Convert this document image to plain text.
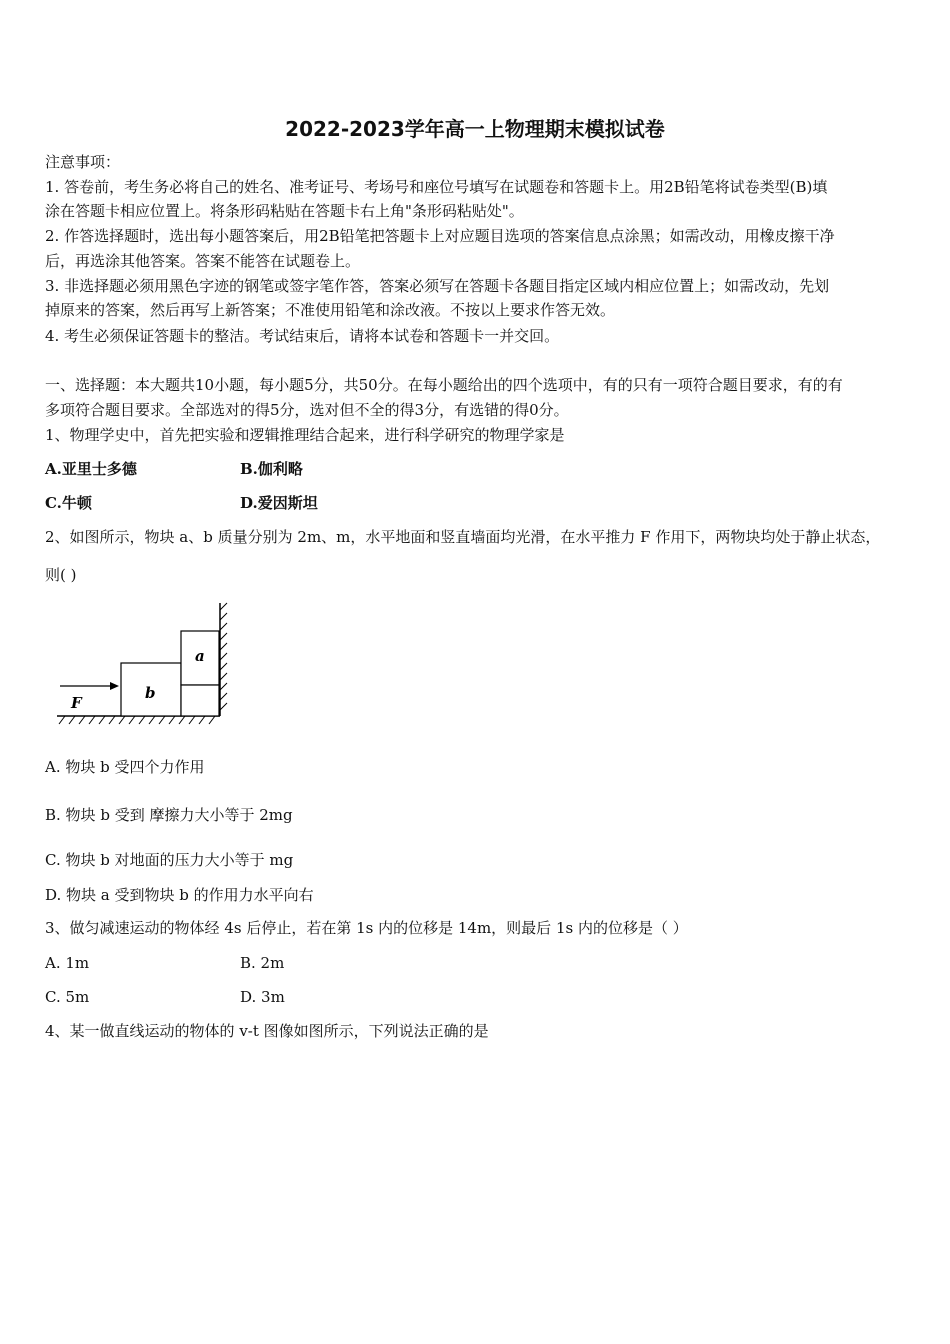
2022-2023学年高一上物理期末模拟试卷
注意事项：
1. 答卷前，考生务必将自己的姓名、准考证号、考场号和座位号填写在试题卷和答题卡上。用2B铅笔将试卷类型(B)填
涂在答题卡相应位置上。将条形码粘贴在答题卡右上角"条形码粘贴处"。
2. 作答选择题时，选出每小题答案后，用2B铅笔把答题卡上对应题目选项的答案信息点涂黑；如需改动，用橡皮擦干净
后，再选涂其他答案。答案不能答在试题卷上。
3. 非选择题必须用黑色字迹的钢笔或签字笔作答，答案必须写在答题卡各题目指定区域内相应位置上；如需改动，先划
掉原来的答案，然后再写上新答案；不准使用铅笔和涂改液。不按以上要求作答无效。
4. 考生必须保证答题卡的整洁。考试结束后，请将本试卷和答题卡一并交回。
一、选择题：本大题共10小题，每小题5分，共50分。在每小题给出的四个选项中，有的只有一项符合题目要求，有的有
多项符合题目要求。全部选对的得5分，选对但不全的得3分，有选错的得0分。
1、物理学史中，首先把实验和逻辑推理结合起来，进行科学研究的物理学家是
A.亚里士多德	B.伽利略
C.牛顿	D.爱因斯坦
2、如图所示，物块 a、b 质量分别为 2m、m，水平地面和竖直墙面均光滑，在水平推力 F 作用下，两物块均处于静止状态，
则( )
F
b
a
A. 物块 b 受四个力作用
B. 物块 b 受到 摩擦力大小等于 2mg
C. 物块 b 对地面的压力大小等于 mg
D. 物块 a 受到物块 b 的作用力水平向右
3、做匀减速运动的物体经 4s 后停止，若在第 1s 内的位移是 14m，则最后 1s 内的位移是（ ）
A. 1m	B. 2m
C. 5m	D. 3m
4、某一做直线运动的物体的 v-t 图像如图所示，下列说法正确的是
